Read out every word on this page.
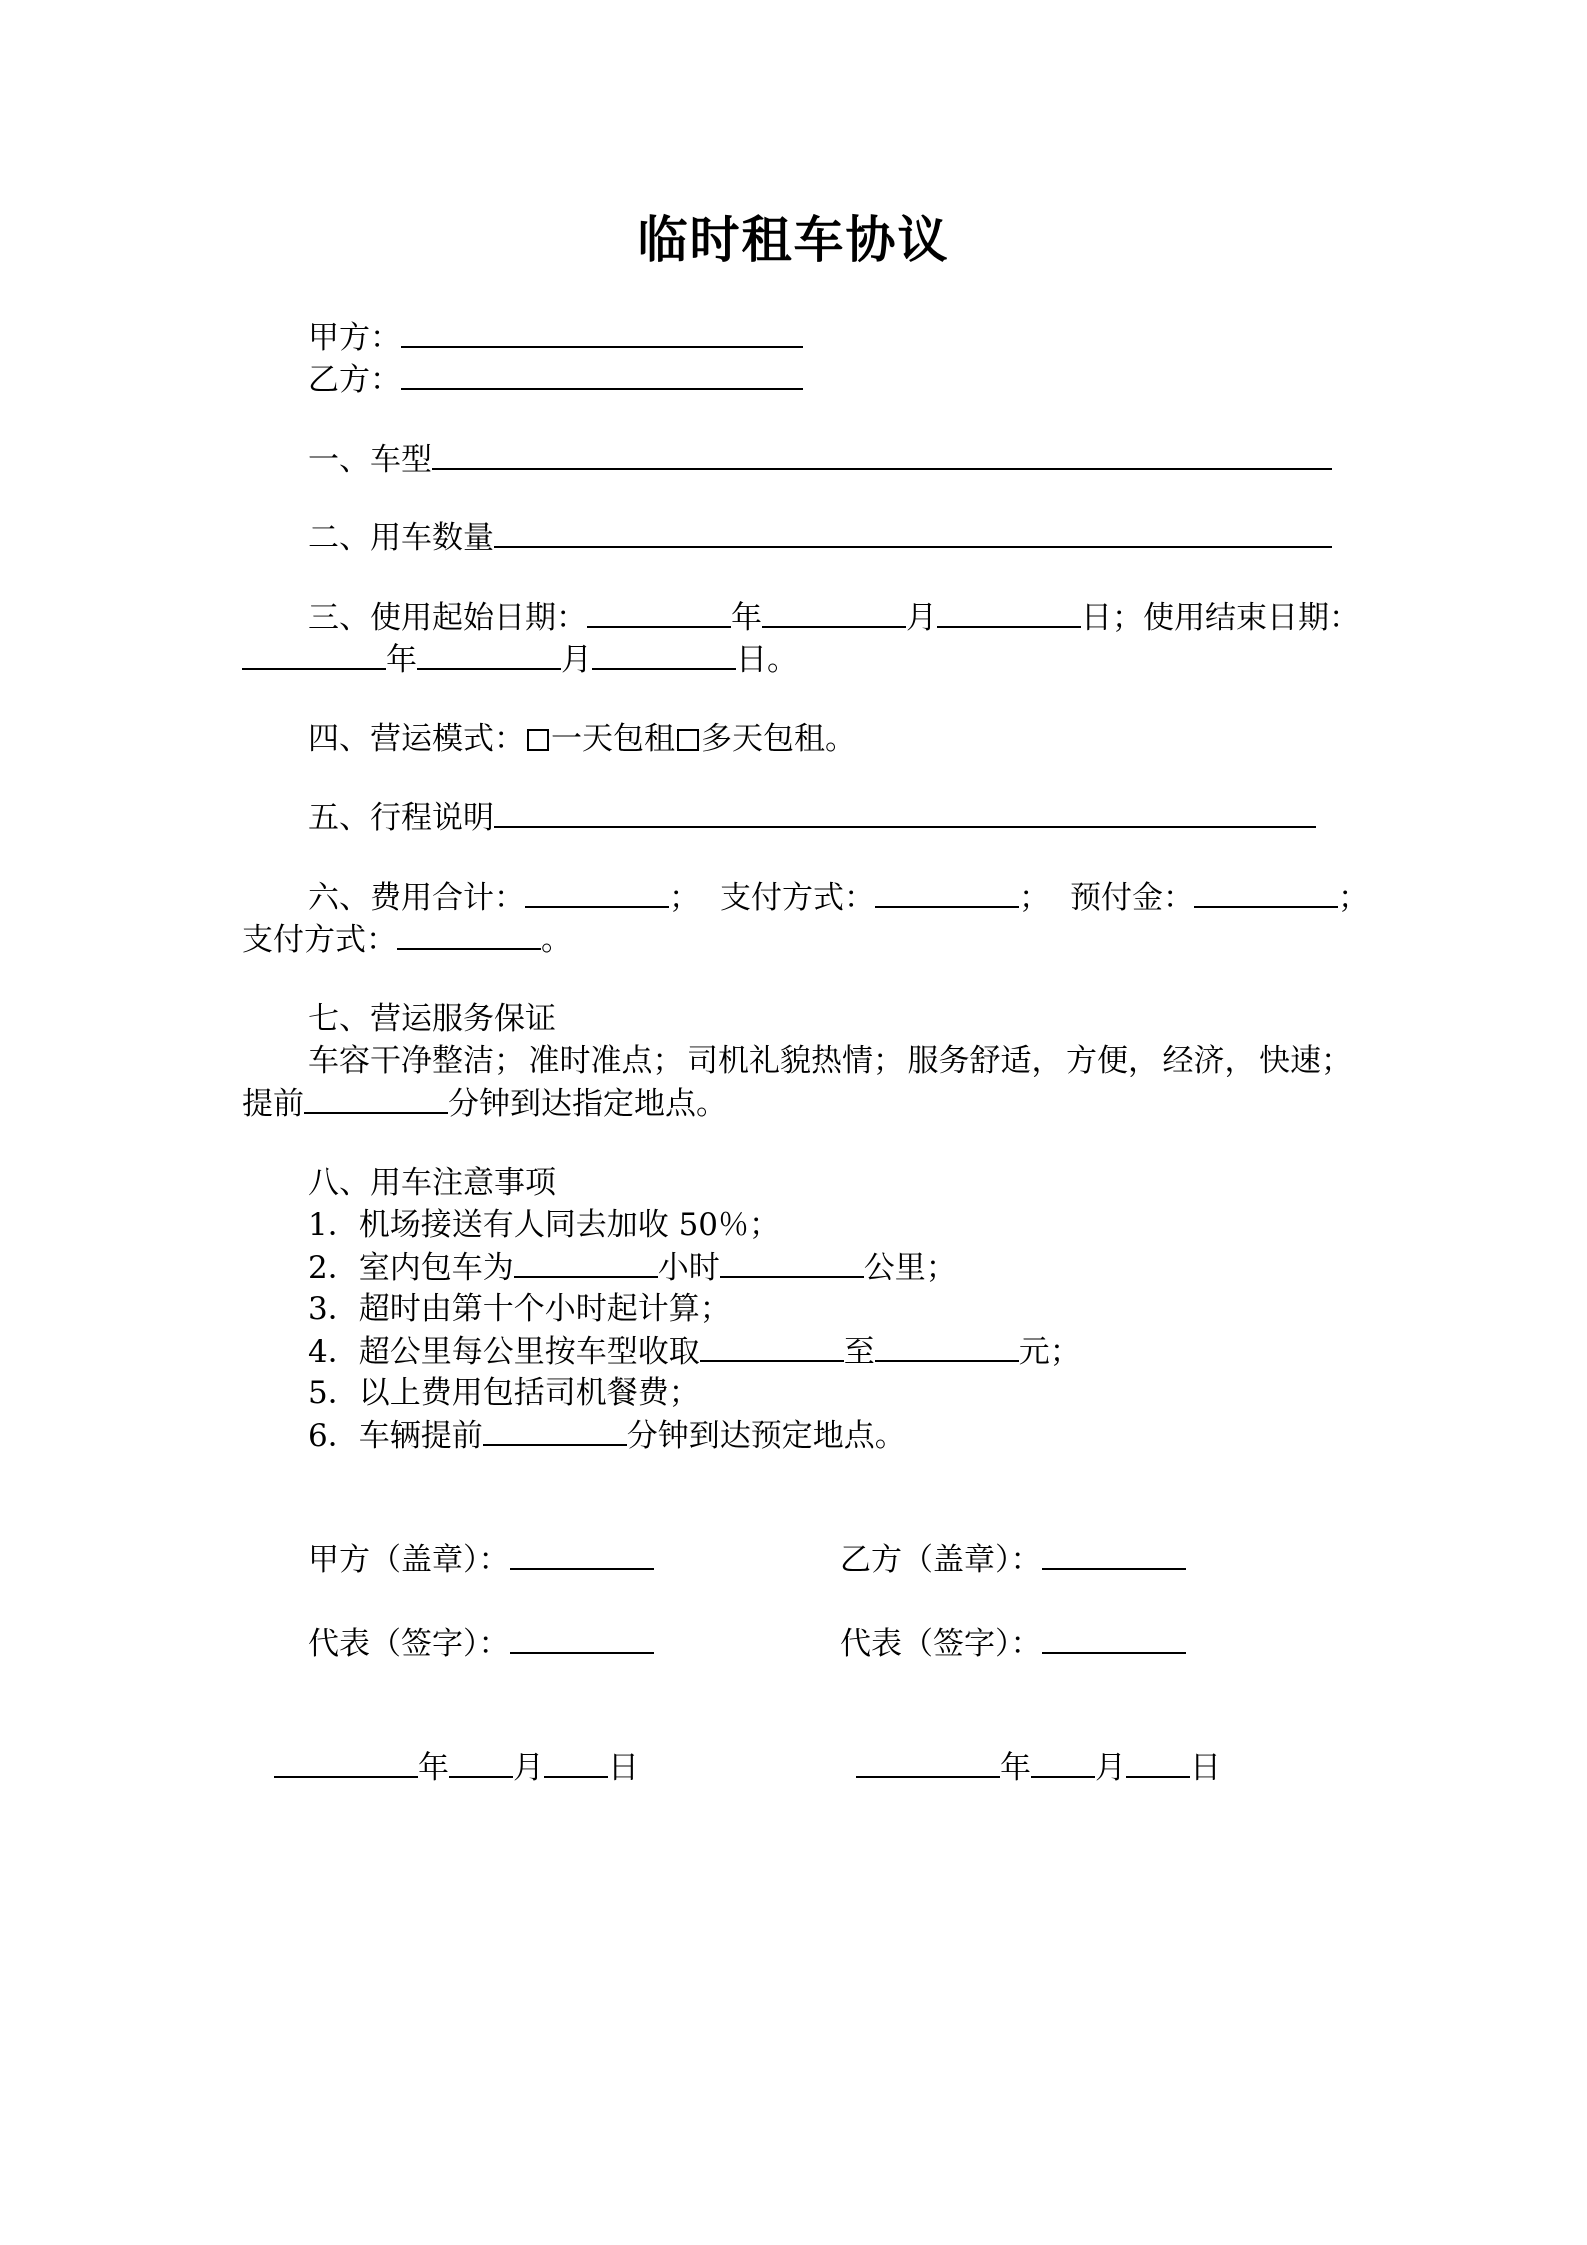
临时租车协议
甲方：
乙方：
一、车型
二、用车数量
三、使用起始日期：	年	月	日；使用结束日期：
年	月	日。
四、营运模式： 一天包租 多天包租。
五、行程说明
六、费用合计：	； 支付方式：	； 预付金：	；
支付方式：	。
七、营运服务保证
车容干净整洁； 准时准点； 司机礼貌热情； 服务舒适， 方便， 经济， 快速；
提前	分钟到达指定地点。
八、用车注意事项
1．机场接送有人同去加收 50％；
2．室内包车为	小时	公里；
3．超时由第十个小时起计算；
4．超公里每公里按车型收取	至	元；
5．以上费用包括司机餐费；
6．车辆提前	分钟到达预定地点。
甲方（盖章）：	乙方（盖章）：
代表（签字）：	代表（签字）：
年 月 日	年 月 日
